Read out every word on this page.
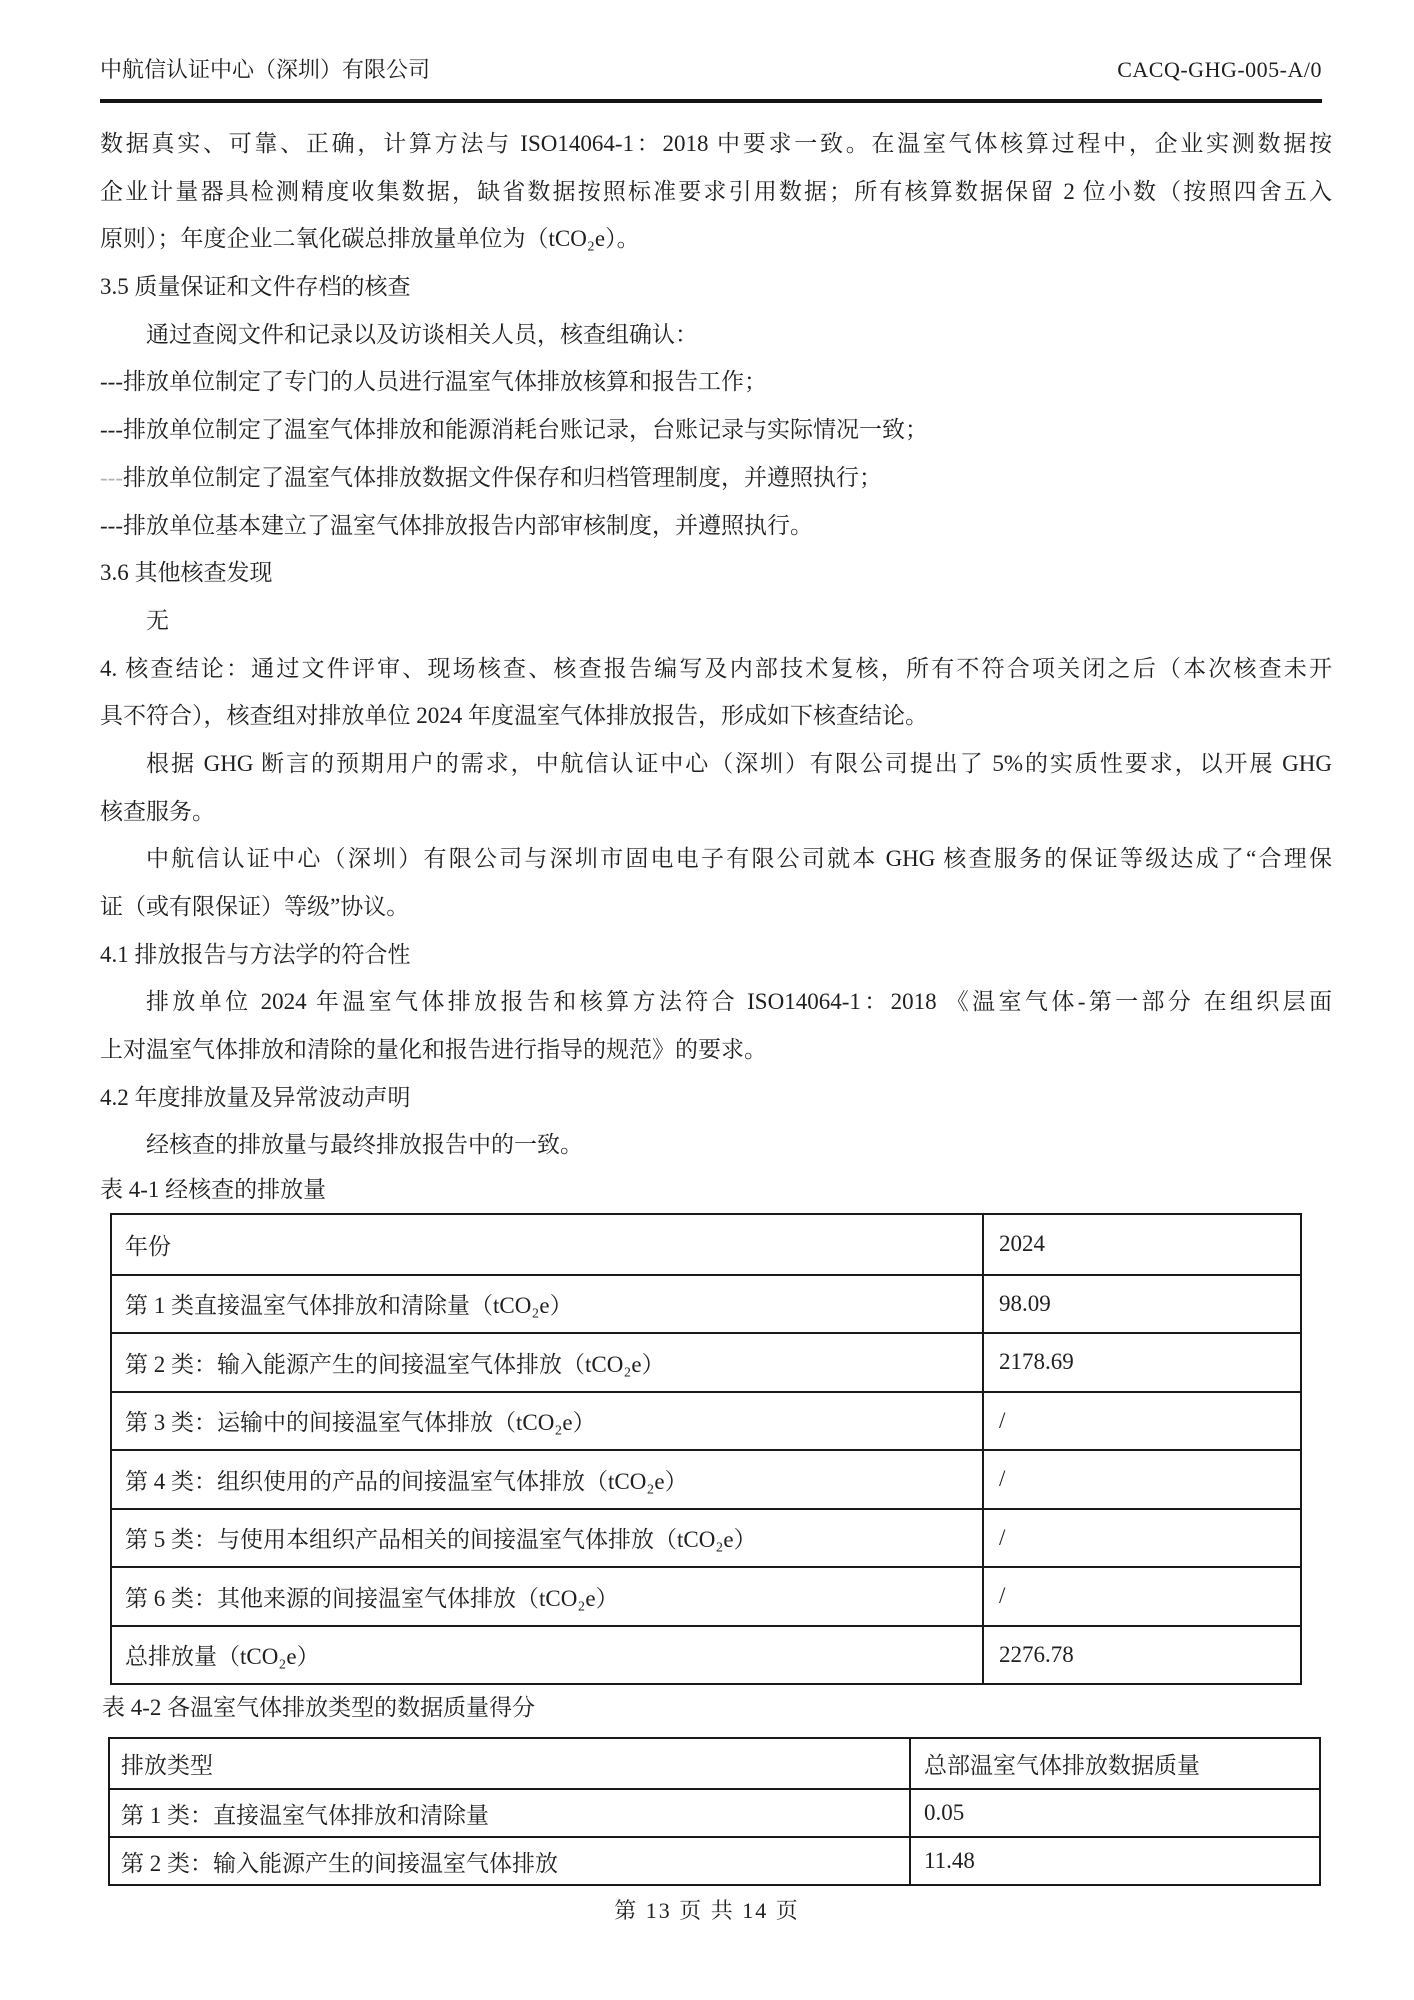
中航信认证中心（深圳）有限公司	CACQ-GHG-005-A/0
数据真实、可靠、正确，计算方法与 ISO14064-1：2018 中要求一致。在温室气体核算过程中，企业实测数据按
企业计量器具检测精度收集数据，缺省数据按照标准要求引用数据；所有核算数据保留 2 位小数（按照四舍五入
原则）；年度企业二氧化碳总排放量单位为（tCO₂e）。
3.5 质量保证和文件存档的核查
通过查阅文件和记录以及访谈相关人员，核查组确认：
---排放单位制定了专门的人员进行温室气体排放核算和报告工作；
---排放单位制定了温室气体排放和能源消耗台账记录，台账记录与实际情况一致；
---排放单位制定了温室气体排放数据文件保存和归档管理制度，并遵照执行；
---排放单位基本建立了温室气体排放报告内部审核制度，并遵照执行。
3.6 其他核查发现
无
4. 核查结论：通过文件评审、现场核查、核查报告编写及内部技术复核，所有不符合项关闭之后（本次核查未开
具不符合），核查组对排放单位 2024 年度温室气体排放报告，形成如下核查结论。
根据 GHG 断言的预期用户的需求，中航信认证中心（深圳）有限公司提出了 5%的实质性要求，以开展 GHG
核查服务。
中航信认证中心（深圳）有限公司与深圳市固电电子有限公司就本 GHG 核查服务的保证等级达成了“合理保
证（或有限保证）等级”协议。
4.1 排放报告与方法学的符合性
排放单位 2024 年温室气体排放报告和核算方法符合 ISO14064-1：2018 《温室气体-第一部分 在组织层面
上对温室气体排放和清除的量化和报告进行指导的规范》的要求。
4.2 年度排放量及异常波动声明
经核查的排放量与最终排放报告中的一致。
表 4-1 经核查的排放量
年份	2024
第 1 类直接温室气体排放和清除量（tCO₂e）	98.09
第 2 类：输入能源产生的间接温室气体排放（tCO₂e）	2178.69
第 3 类：运输中的间接温室气体排放（tCO₂e）	/
第 4 类：组织使用的产品的间接温室气体排放（tCO₂e）	/
第 5 类：与使用本组织产品相关的间接温室气体排放（tCO₂e）	/
第 6 类：其他来源的间接温室气体排放（tCO₂e）	/
总排放量（tCO₂e）	2276.78
表 4-2 各温室气体排放类型的数据质量得分
排放类型	总部温室气体排放数据质量
第 1 类：直接温室气体排放和清除量	0.05
第 2 类：输入能源产生的间接温室气体排放	11.48
第 13 页 共 14 页
